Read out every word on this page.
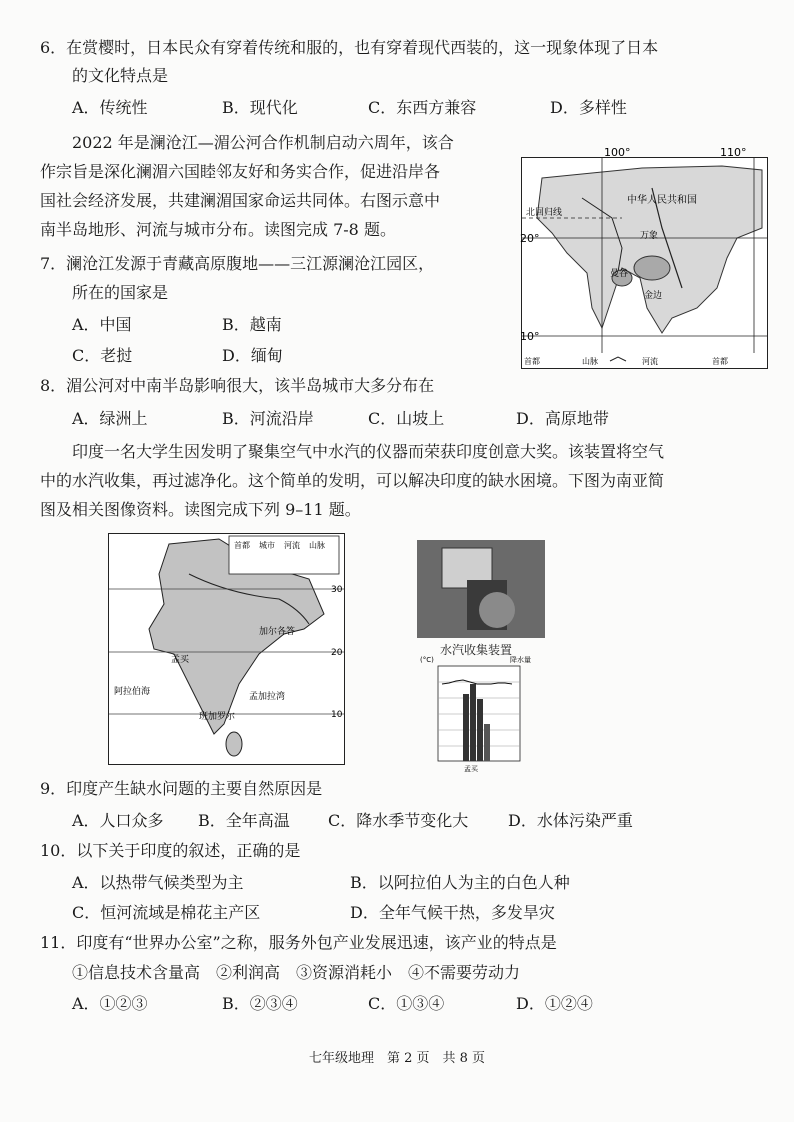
6．在赏樱时，日本民众有穿着传统和服的，也有穿着现代西装的，这一现象体现了日本
的文化特点是
A．传统性	B．现代化	C．东西方兼容	D．多样性
2022 年是澜沧江—湄公河合作机制启动六周年，该合
作宗旨是深化澜湄六国睦邻友好和务实合作，促进沿岸各
国社会经济发展，共建澜湄国家命运共同体。右图示意中
南半岛地形、河流与城市分布。读图完成 7-8 题。
7．澜沧江发源于青藏高原腹地——三江源澜沧江园区，
所在的国家是
A．中国	B．越南
C．老挝	D．缅甸
8．湄公河对中南半岛影响很大，该半岛城市大多分布在
A．绿洲上	B．河流沿岸	C．山坡上	D．高原地带
印度一名大学生因发明了聚集空气中水汽的仪器而荣获印度创意大奖。该装置将空气
中的水汽收集，再过滤净化。这个简单的发明，可以解决印度的缺水困境。下图为南亚简
图及相关图像资料。读图完成下列 9–11 题。
100°	110°
20°
10°
中华人民共和国
北回归线
曼谷
万象
金边
首都	山脉	河流	首都
首都 城市 河流 山脉
30
20
10
孟买
加尔各答
阿拉伯海	孟加拉湾
班加罗尔
水汽收集装置
(°C)	降水量
孟买
9．印度产生缺水问题的主要自然原因是
A．人口众多 B．全年高温 C．降水季节变化大 D．水体污染严重
10．以下关于印度的叙述，正确的是
A．以热带气候类型为主	B．以阿拉伯人为主的白色人种
C．恒河流域是棉花主产区	D．全年气候干热，多发旱灾
11．印度有“世界办公室”之称，服务外包产业发展迅速，该产业的特点是
①信息技术含量高　②利润高　③资源消耗小　④不需要劳动力
A．①②③	B．②③④	C．①③④	D．①②④
七年级地理　第 2 页　共 8 页
